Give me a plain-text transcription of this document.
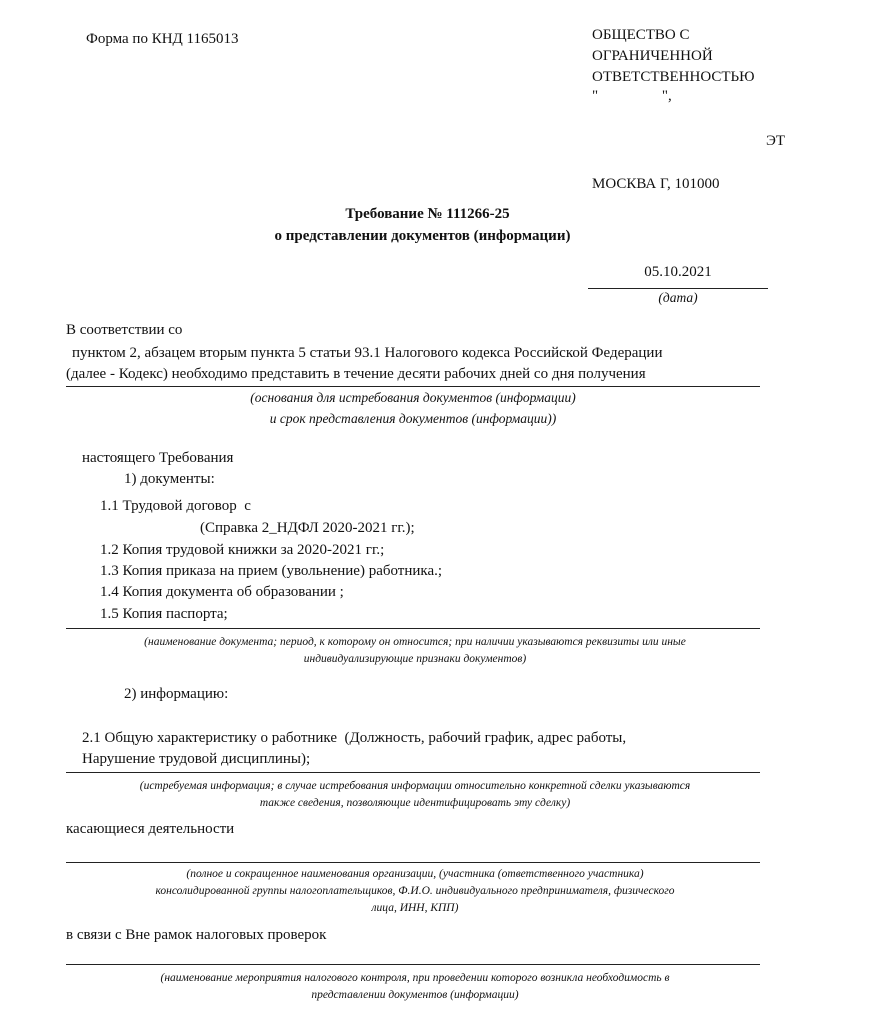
Форма по КНД 1165013	ОБЩЕСТВО С
ОГРАНИЧЕННОЙ
ОТВЕТСТВЕННОСТЬЮ
"                 ",
ЭТ
МОСКВА Г, 101000
Требование № 111266-25
о представлении документов (информации)
05.10.2021
(дата)
В соответствии со
пунктом 2, абзацем вторым пункта 5 статьи 93.1 Налогового кодекса Российской Федерации
(далее - Кодекс) необходимо представить в течение десяти рабочих дней со дня получения
(основания для истребования документов (информации)
и срок представления документов (информации))
настоящего Требования
1) документы:
1.1 Трудовой договор  с
(Справка 2_НДФЛ 2020-2021 гг.);
1.2 Копия трудовой книжки за 2020-2021 гг.;
1.3 Копия приказа на прием (увольнение) работника.;
1.4 Копия документа об образовании ;
1.5 Копия паспорта;
(наименование документа; период, к которому он относится; при наличии указываются реквизиты или иные
индивидуализирующие признаки документов)
2) информацию:
2.1 Общую характеристику о работнике  (Должность, рабочий график, адрес работы,
Нарушение трудовой дисциплины);
(истребуемая информация; в случае истребования информации относительно конкретной сделки указываются
также сведения, позволяющие идентифицировать эту сделку)
касающиеся деятельности
(полное и сокращенное наименования организации, (участника (ответственного участника)
консолидированной группы налогоплательщиков, Ф.И.О. индивидуального предпринимателя, физического
лица, ИНН, КПП)
в связи с Вне рамок налоговых проверок
(наименование мероприятия налогового контроля, при проведении которого возникла необходимость в
представлении документов (информации)
